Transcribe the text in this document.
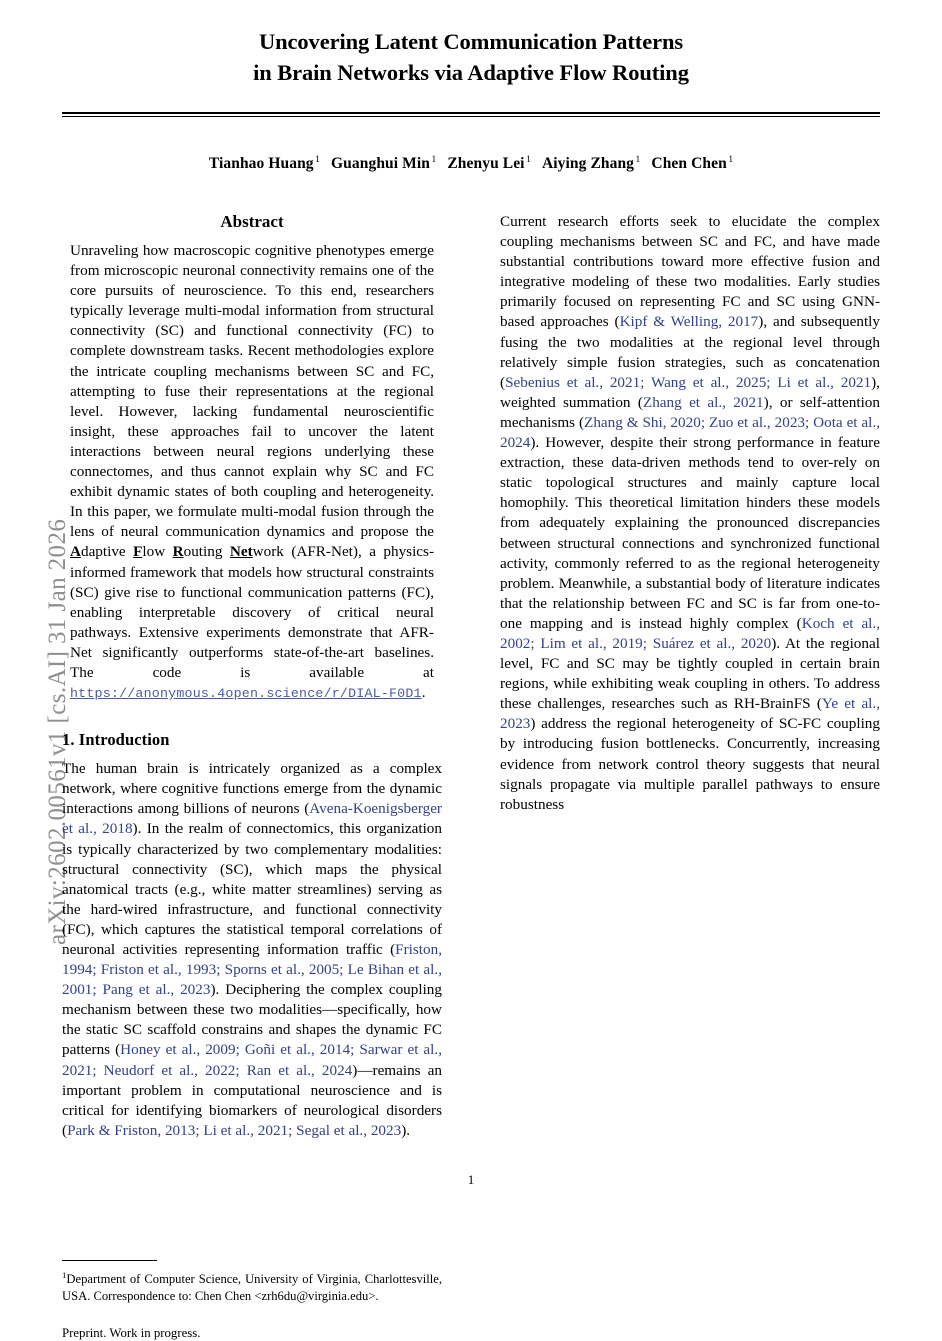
arXiv:2602.00561v1 [cs.AI] 31 Jan 2026
Uncovering Latent Communication Patterns
in Brain Networks via Adaptive Flow Routing
Tianhao Huang $^1$ Guanghui Min $^1$ Zhenyu Lei $^1$ Aiying Zhang $^1$ Chen Chen $^1$
Abstract

Unraveling how macroscopic cognitive phenotypes emerge from microscopic neuronal connectivity remains one of the core pursuits of neuroscience. To this end, researchers typically leverage multi-modal information from structural connectivity (SC) and functional connectivity (FC) to complete downstream tasks. Recent methodologies explore the intricate coupling mechanisms between SC and FC, attempting to fuse their representations at the regional level. However, lacking fundamental neuroscientific insight, these approaches fail to uncover the latent interactions between neural regions underlying these connectomes, and thus cannot explain why SC and FC exhibit dynamic states of both coupling and heterogeneity. In this paper, we formulate multi-modal fusion through the lens of neural communication dynamics and propose the Adaptive Flow Routing Network (AFR-Net), a physics-informed framework that models how structural constraints (SC) give rise to functional communication patterns (FC), enabling interpretable discovery of critical neural pathways. Extensive experiments demonstrate that AFR-Net significantly outperforms state-of-the-art baselines. The code is available at https://anonymous.4open.science/r/DIAL-F0D1.

1. Introduction

The human brain is intricately organized as a complex network, where cognitive functions emerge from the dynamic interactions among billions of neurons (Avena-Koenigsberger et al., 2018). In the realm of connectomics, this organization is typically characterized by two complementary modalities: structural connectivity (SC), which maps the physical anatomical tracts (e.g., white matter streamlines) serving as the hard-wired infrastructure, and functional connectivity (FC), which captures the statistical temporal correlations of neuronal activities representing information traffic (Friston, 1994; Friston et al., 1993; Sporns et al., 2005; Le Bihan et al., 2001; Pang et al., 2023). Deciphering the complex coupling mechanism between these two modalities—specifically, how the static SC scaffold constrains and shapes the dynamic FC patterns (Honey et al., 2009; Goñi et al., 2014; Sarwar et al., 2021; Neudorf et al., 2022; Ran et al., 2024)—remains an important problem in computational neuroscience and is critical for identifying biomarkers of neurological disorders (Park & Friston, 2013; Li et al., 2021; Segal et al., 2023).

Current research efforts seek to elucidate the complex coupling mechanisms between SC and FC, and have made substantial contributions toward more effective fusion and integrative modeling of these two modalities. Early studies primarily focused on representing FC and SC using GNN-based approaches (Kipf & Welling, 2017), and subsequently fusing the two modalities at the regional level through relatively simple fusion strategies, such as concatenation (Sebenius et al., 2021; Wang et al., 2025; Li et al., 2021), weighted summation (Zhang et al., 2021), or self-attention mechanisms (Zhang & Shi, 2020; Zuo et al., 2023; Oota et al., 2024). However, despite their strong performance in feature extraction, these data-driven methods tend to over-rely on static topological structures and mainly capture local homophily. This theoretical limitation hinders these models from adequately explaining the pronounced discrepancies between structural connections and synchronized functional activity, commonly referred to as the regional heterogeneity problem. Meanwhile, a substantial body of literature indicates that the relationship between FC and SC is far from one-to-one mapping and is instead highly complex (Koch et al., 2002; Lim et al., 2019; Suárez et al., 2020). At the regional level, FC and SC may be tightly coupled in certain brain regions, while exhibiting weak coupling in others. To address these challenges, researches such as RH-BrainFS (Ye et al., 2023) address the regional heterogeneity of SC-FC coupling by introducing fusion bottlenecks. Concurrently, increasing evidence from network control theory suggests that neural signals propagate via multiple parallel pathways to ensure robustness

$^1$Department of Computer Science, University of Virginia, Charlottesville, USA. Correspondence to: Chen Chen <zrh6du@virginia.edu>.

Preprint. Work in progress.

1
